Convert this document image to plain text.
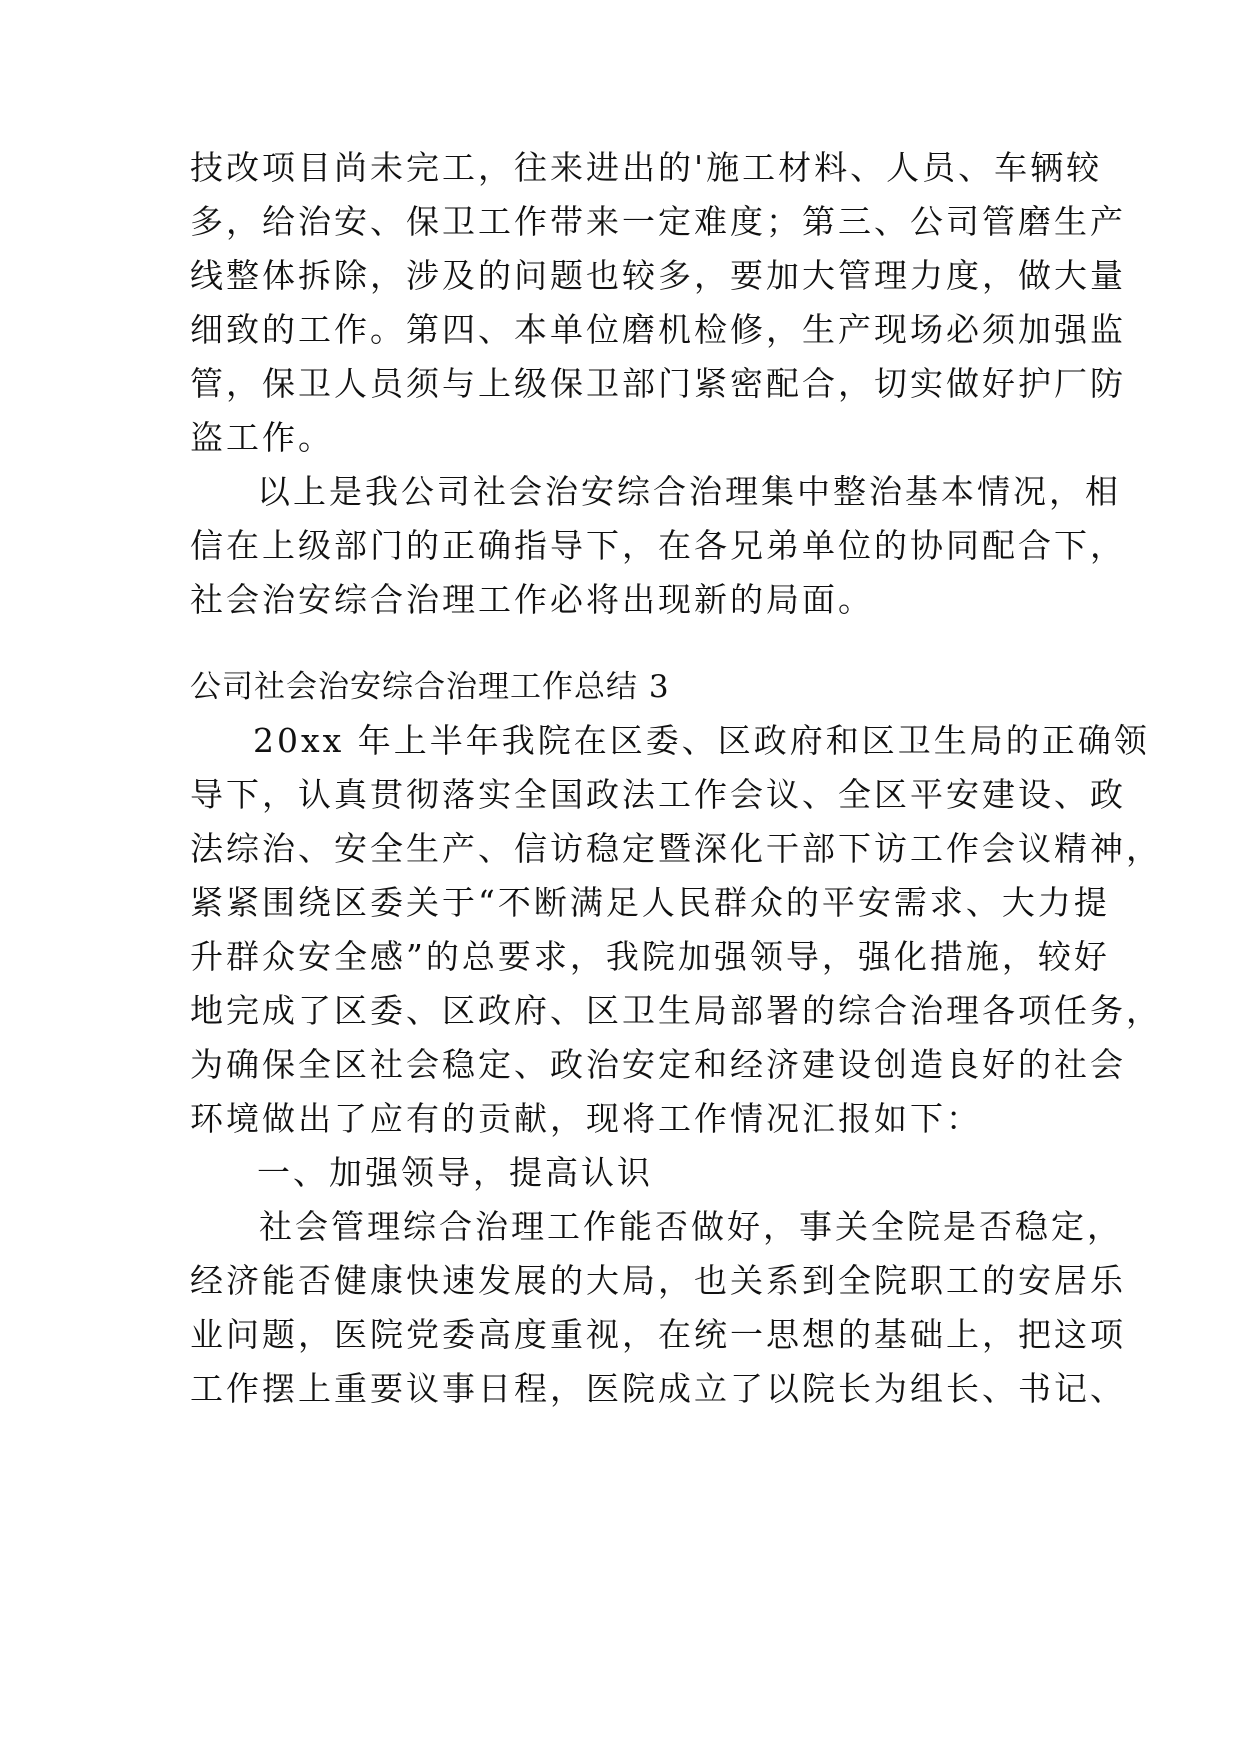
技改项目尚未完工，往来进出的'施工材料、人员、车辆较

多，给治安、保卫工作带来一定难度；第三、公司管磨生产

线整体拆除，涉及的问题也较多，要加大管理力度，做大量

细致的工作。第四、本单位磨机检修，生产现场必须加强监

管，保卫人员须与上级保卫部门紧密配合，切实做好护厂防

盗工作。

以上是我公司社会治安综合治理集中整治基本情况，相

信在上级部门的正确指导下，在各兄弟单位的协同配合下，

社会治安综合治理工作必将出现新的局面。

公司社会治安综合治理工作总结 3

20xx 年上半年我院在区委、区政府和区卫生局的正确领

导下，认真贯彻落实全国政法工作会议、全区平安建设、政

法综治、安全生产、信访稳定暨深化干部下访工作会议精神，

紧紧围绕区委关于“不断满足人民群众的平安需求、大力提

升群众安全感”的总要求，我院加强领导，强化措施，较好

地完成了区委、区政府、区卫生局部署的综合治理各项任务，

为确保全区社会稳定、政治安定和经济建设创造良好的社会

环境做出了应有的贡献，现将工作情况汇报如下：

一、加强领导，提高认识

社会管理综合治理工作能否做好，事关全院是否稳定，

经济能否健康快速发展的大局，也关系到全院职工的安居乐

业问题，医院党委高度重视，在统一思想的基础上，把这项

工作摆上重要议事日程，医院成立了以院长为组长、书记、
